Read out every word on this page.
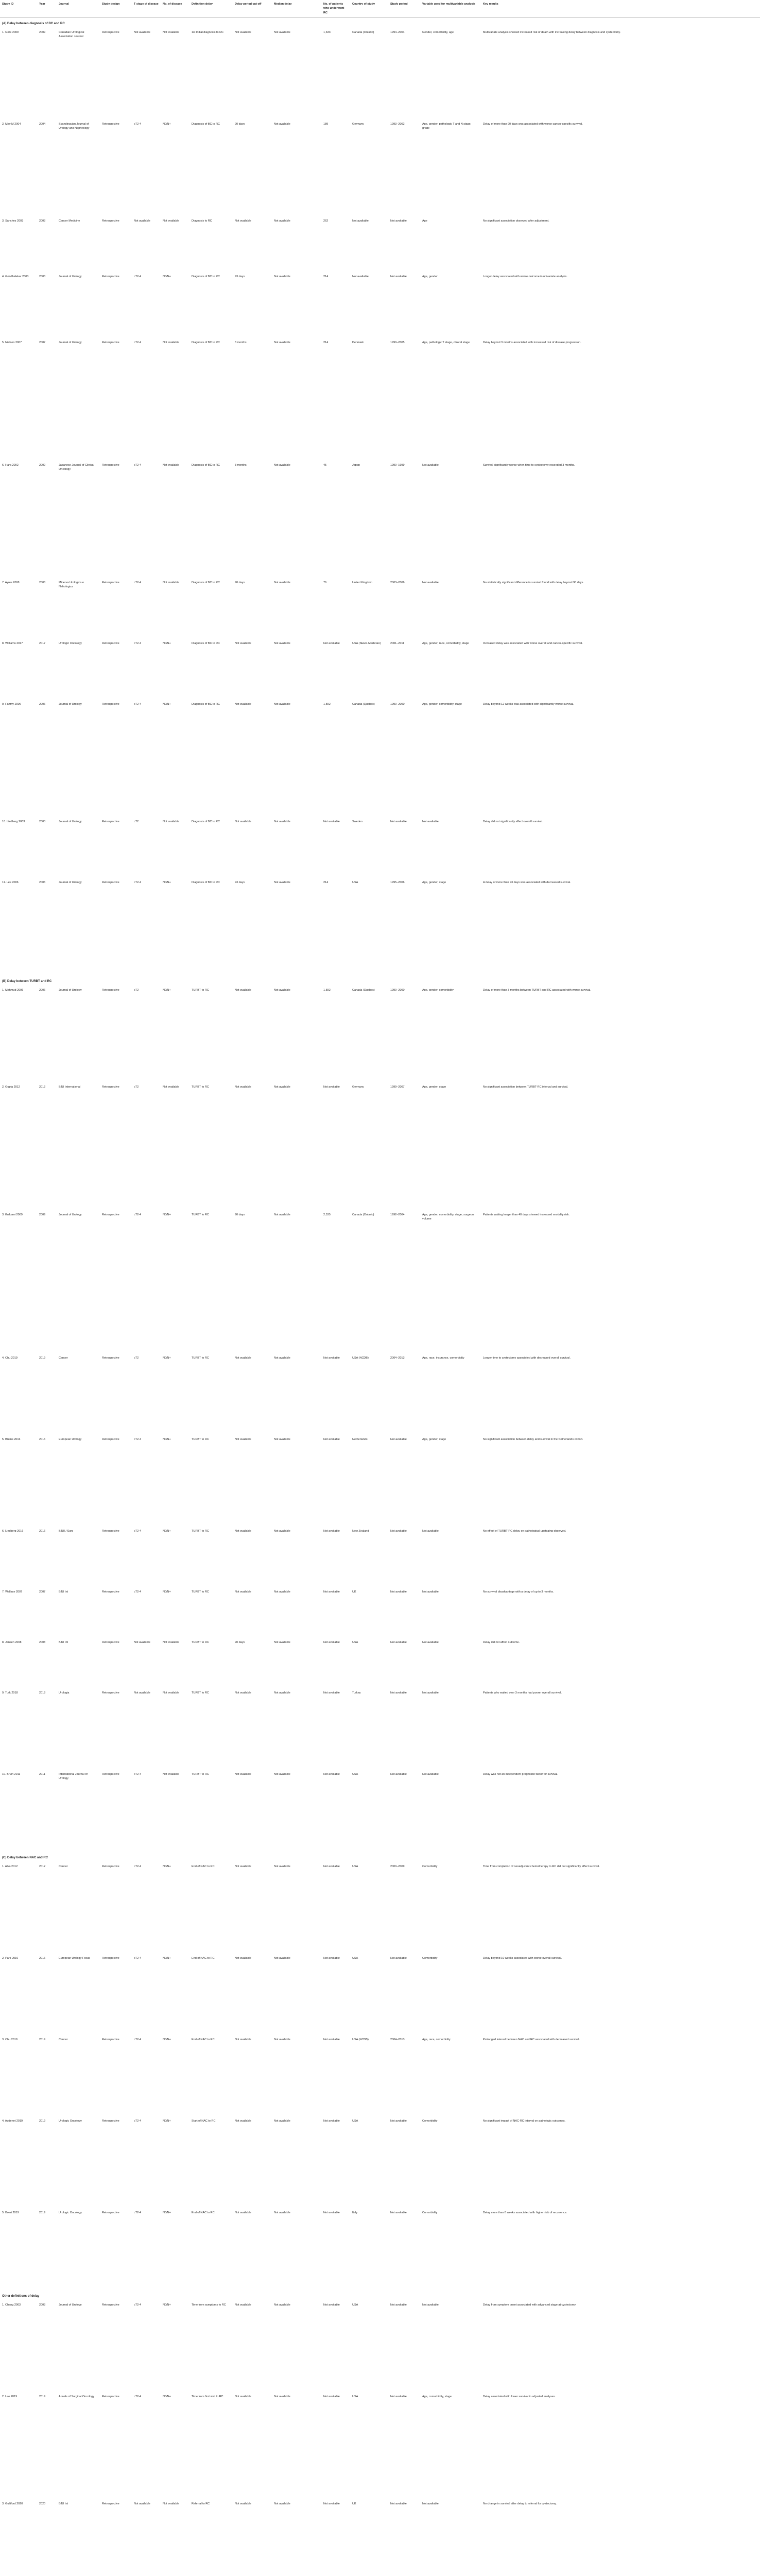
Study ID	Year	Journal	Study design	T stage of disease	No. of disease	Definition delay	Delay period cut-off	Median delay	No. of patients who underwent RC	Country of study	Study period	Variable used for multivariable analysis	Key results
(A) Delay between diagnosis of BC and RC													
1. Gore 2009	2009	Canadian Urological Association Journal	Retrospective	Not available	Not available	1st Initial diagnosis to RC	Not available	Not available	1,633	Canada (Ontario)	1994–2004	Gender, comorbidity, age	Multivariate analysis showed increased risk of death with increasing delay between diagnosis and cystectomy.
2. May M 2004	2004	Scandinavian Journal of Urology and Nephrology	Retrospective	cT2-4	N0/N+	Diagnosis of BC to RC	90 days	Not available	189	Germany	1993–2002	Age, gender, pathologic T and N stage, grade	Delay of more than 90 days was associated with worse cancer-specific survival.
3. Sánchez 2003	2003	Cancer Medicine	Retrospective	Not available	Not available	Diagnosis to RC	Not available	Not available	262	Not available	Not available	Age	No significant association observed after adjustment.
4. Gondhalekar 2003	2003	Journal of Urology	Retrospective	cT2-4	N0/N+	Diagnosis of BC to RC	93 days	Not available	214	Not available	Not available	Age, gender	Longer delay associated with worse outcome in univariate analysis.
5. Nielsen 2007	2007	Journal of Urology	Retrospective	cT2-4	Not available	Diagnosis of BC to RC	3 months	Not available	214	Denmark	1990–2005	Age, pathologic T stage, clinical stage	Delay beyond 3 months associated with increased risk of disease progression.
6. Hara 2002	2002	Japanese Journal of Clinical Oncology	Retrospective	cT2-4	Not available	Diagnosis of BC to RC	3 months	Not available	45	Japan	1990–1999	Not available	Survival significantly worse when time to cystectomy exceeded 3 months.
7. Ayres 2008	2008	Minerva Urologica e Nefrologica	Retrospective	cT2-4	Not available	Diagnosis of BC to RC	90 days	Not available	76	United Kingdom	2003–2006	Not available	No statistically significant difference in survival found with delay beyond 90 days.
8. Williams 2017	2017	Urologic Oncology	Retrospective	cT2-4	N0/N+	Diagnosis of BC to RC	Not available	Not available	Not available	USA (SEER-Medicare)	2001–2011	Age, gender, race, comorbidity, stage	Increased delay was associated with worse overall and cancer-specific survival.
9. Fahmy 2006	2006	Journal of Urology	Retrospective	cT2-4	N0/N+	Diagnosis of BC to RC	Not available	Not available	1,592	Canada (Quebec)	1990–2000	Age, gender, comorbidity, stage	Delay beyond 12 weeks was associated with significantly worse survival.
10. Liedberg 2003	2003	Journal of Urology	Retrospective	cT2	Not available	Diagnosis of BC to RC	Not available	Not available	Not available	Sweden	Not available	Not available	Delay did not significantly affect overall survival.
11. Lee 2006	2006	Journal of Urology	Retrospective	cT2-4	N0/N+	Diagnosis of BC to RC	93 days	Not available	214	USA	1995–2006	Age, gender, stage	A delay of more than 93 days was associated with decreased survival.
(B) Delay between TURBT and RC													
1. Mahmud 2006	2006	Journal of Urology	Retrospective	cT2	N0/N+	TURBT to RC	Not available	Not available	1,592	Canada (Quebec)	1990–2000	Age, gender, comorbidity	Delay of more than 3 months between TURBT and RC associated with worse survival.
2. Gupta 2012	2012	BJU International	Retrospective	cT2	Not available	TURBT to RC	Not available	Not available	Not available	Germany	1999–2007	Age, gender, stage	No significant association between TURBT-RC interval and survival.
3. Kulkarni 2009	2009	Journal of Urology	Retrospective	cT2-4	N0/N+	TURBT to RC	90 days	Not available	2,535	Canada (Ontario)	1992–2004	Age, gender, comorbidity, stage, surgeon volume	Patients waiting longer than 40 days showed increased mortality risk.
4. Chu 2019	2019	Cancer	Retrospective	cT2	N0/N+	TURBT to RC	Not available	Not available	Not available	USA (NCDB)	2004–2013	Age, race, insurance, comorbidity	Longer time to cystectomy associated with decreased overall survival.
5. Bruins 2016	2016	European Urology	Retrospective	cT2-4	N0/N+	TURBT to RC	Not available	Not available	Not available	Netherlands	Not available	Age, gender, stage	No significant association between delay and survival in the Netherlands cohort.
6. Liedberg 2016	2016	BJUI / Surg	Retrospective	cT2-4	N0/N+	TURBT to RC	Not available	Not available	Not available	New Zealand	Not available	Not available	No effect of TURBT-RC delay on pathological upstaging observed.
7. Wallace 2007	2007	BJU Int	Retrospective	cT2-4	N0/N+	TURBT to RC	Not available	Not available	Not available	UK	Not available	Not available	No survival disadvantage with a delay of up to 3 months.
8. Jansen 2008	2008	BJU Int	Retrospective	Not available	Not available	TURBT to RC	90 days	Not available	Not available	USA	Not available	Not available	Delay did not affect outcome.
9. Turk 2018	2018	Urologia	Retrospective	Not available	Not available	TURBT to RC	Not available	Not available	Not available	Turkey	Not available	Not available	Patients who waited over 3 months had poorer overall survival.
10. Bruin 2011	2011	International Journal of Urology	Retrospective	cT2-4	Not available	TURBT to RC	Not available	Not available	Not available	USA	Not available	Not available	Delay was not an independent prognostic factor for survival.
(C) Delay between NAC and RC													
1. Alva 2012	2012	Cancer	Retrospective	cT2-4	N0/N+	End of NAC to RC	Not available	Not available	Not available	USA	2000–2009	Comorbidity	Time from completion of neoadjuvant chemotherapy to RC did not significantly affect survival.
2. Park 2016	2016	European Urology Focus	Retrospective	cT2-4	N0/N+	End of NAC to RC	Not available	Not available	Not available	USA	Not available	Comorbidity	Delay beyond 10 weeks associated with worse overall survival.
3. Chu 2019	2019	Cancer	Retrospective	cT2-4	N0/N+	End of NAC to RC	Not available	Not available	Not available	USA (NCDB)	2004–2013	Age, race, comorbidity	Prolonged interval between NAC and RC associated with decreased survival.
4. Audenet 2019	2019	Urologic Oncology	Retrospective	cT2-4	N0/N+	Start of NAC to RC	Not available	Not available	Not available	USA	Not available	Comorbidity	No significant impact of NAC-RC interval on pathologic outcomes.
5. Boeri 2019	2019	Urologic Oncology	Retrospective	cT2-4	N0/N+	End of NAC to RC	Not available	Not available	Not available	Italy	Not available	Comorbidity	Delay more than 8 weeks associated with higher risk of recurrence.
Other definitions of delay													
1. Chang 2003	2003	Journal of Urology	Retrospective	cT2-4	N0/N+	Time from symptoms to RC	Not available	Not available	Not available	USA	Not available	Not available	Delay from symptom onset associated with advanced stage at cystectomy.
2. Lee 2019	2019	Annals of Surgical Oncology	Retrospective	cT2-4	N0/N+	Time from first visit to RC	Not available	Not available	Not available	USA	Not available	Age, comorbidity, stage	Delay associated with lower survival in adjusted analyses.
3. Gulliford 2020	2020	BJU Int	Retrospective	Not available	Not available	Referral to RC	Not available	Not available	Not available	UK	Not available	Not available	No change in survival after delay to referral for cystectomy.
